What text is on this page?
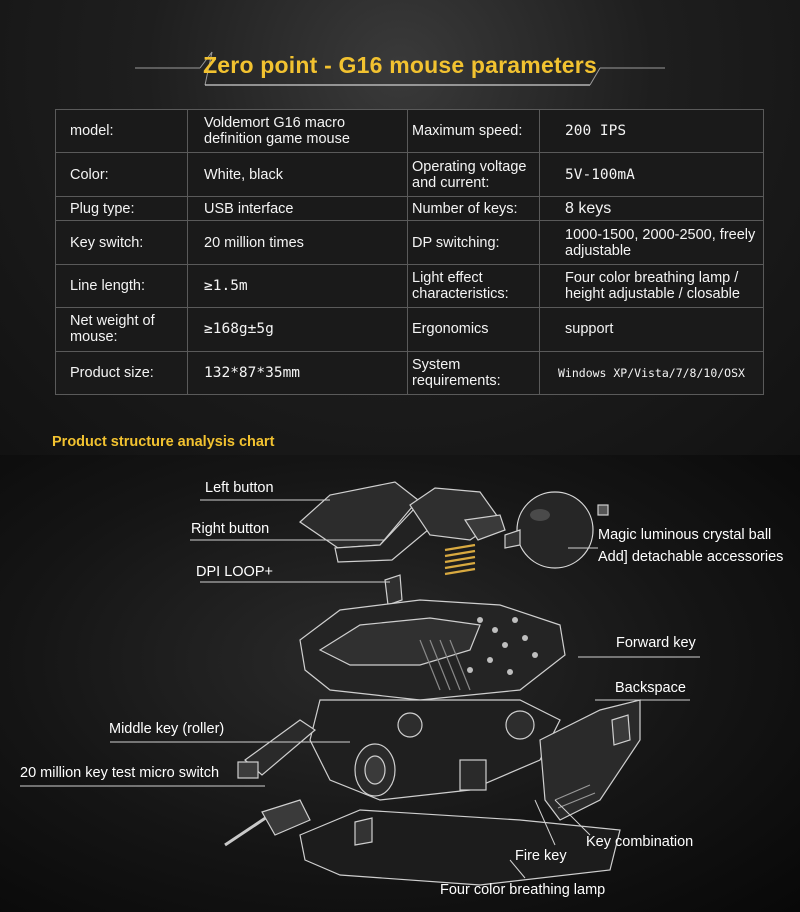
Zero point - G16 mouse parameters
model:	Voldemort G16 macro definition game mouse	Maximum speed:	200 IPS
Color:	White, black	Operating voltage and current:	5V-100mA
Plug type:	USB interface	Number of keys:	8 keys
Key switch:	20 million times	DP switching:	1000-1500, 2000-2500, freely adjustable
Line length:	≥1.5m	Light effect characteristics:	Four color breathing lamp / height adjustable / closable
Net weight of mouse:	≥168g±5g	Ergonomics	support
Product size:	132*87*35mm	System requirements:	Windows XP/Vista/7/8/10/OSX
Product structure analysis chart
Left button
Right button
DPI LOOP+
Magic luminous crystal ball
Add] detachable accessories
Forward key
Backspace
Middle key (roller)
20 million key test micro switch
Key combination
Fire key
Four color breathing lamp
